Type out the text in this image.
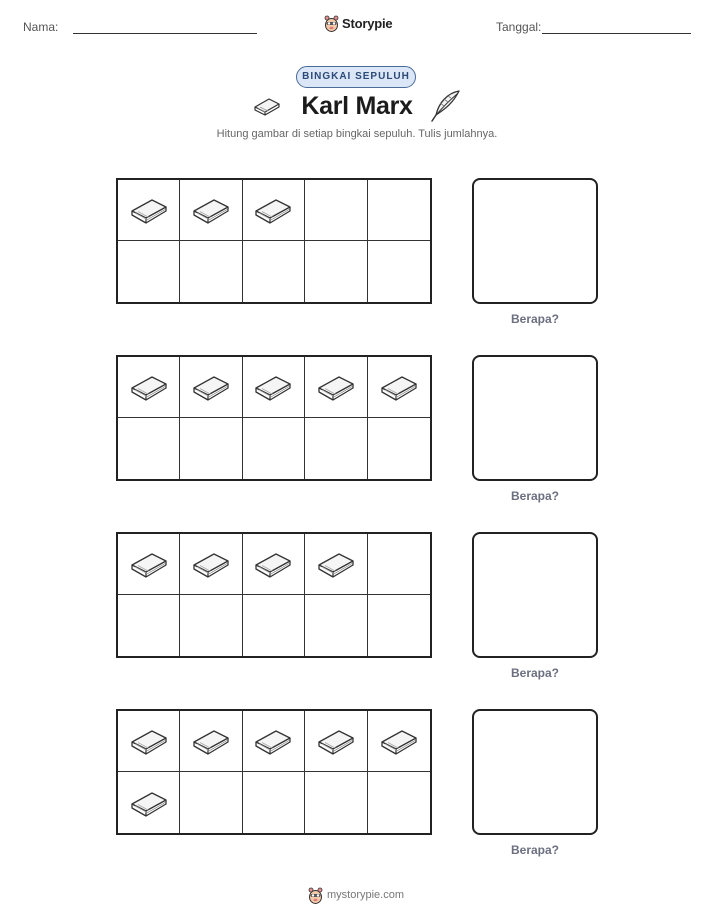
Nama:	Storypie	Tanggal:
BINGKAI SEPULUH
Karl Marx
Hitung gambar di setiap bingkai sepuluh. Tulis jumlahnya.
Berapa?
Berapa?
Berapa?
Berapa?
mystorypie.com
